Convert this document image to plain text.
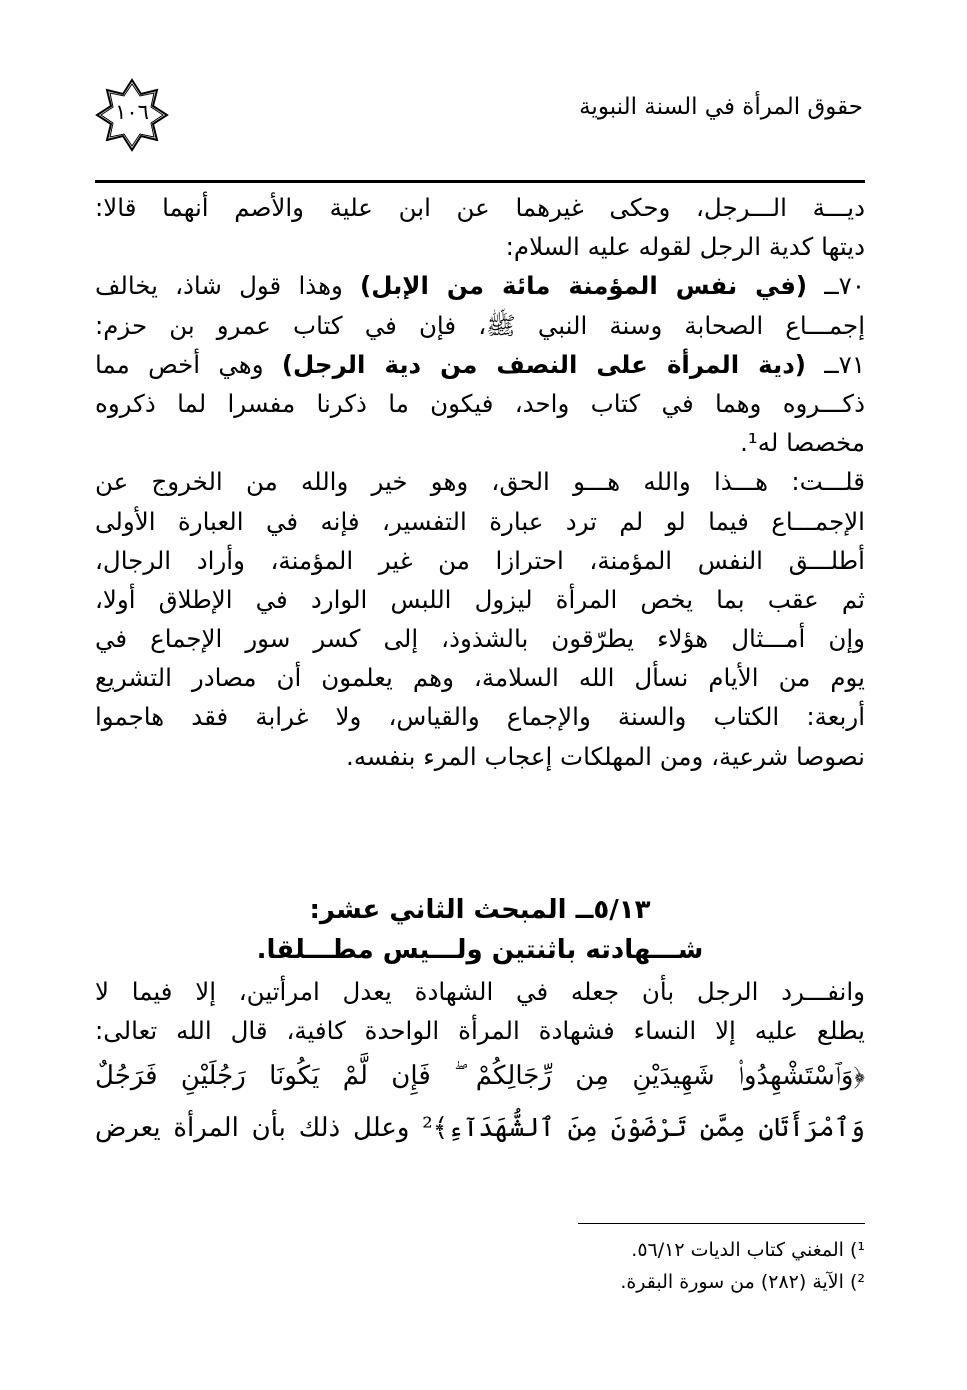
١٠٦	حقوق المرأة في السنة النبوية
ديـــة الـــرجل، وحكى غيرهما عن ابن علية والأصم أنهما قالا:
ديتها كدية الرجل لقوله عليه السلام:
٧٠ــ (في نفس المؤمنة مائة من الإبل) وهذا قول شاذ، يخالف
إجمـــاع الصحابة وسنة النبي ﷺ، فإن في كتاب عمرو بن حزم:
٧١ــ (دية المرأة على النصف من دية الرجل) وهي أخص مما
ذكـــروه وهما في كتاب واحد، فيكون ما ذكرنا مفسرا لما ذكروه
مخصصا له¹.
قلـــت: هـــذا والله هـــو الحق، وهو خير والله من الخروج عن
الإجمـــاع فيما لو لم ترد عبارة التفسير، فإنه في العبارة الأولى
أطلـــق النفس المؤمنة، احترازا من غير المؤمنة، وأراد الرجال،
ثم عقب بما يخص المرأة ليزول اللبس الوارد في الإطلاق أولا،
وإن أمـــثال هؤلاء يطرّقون بالشذوذ، إلى كسر سور الإجماع في
يوم من الأيام نسأل الله السلامة، وهم يعلمون أن مصادر التشريع
أربعة: الكتاب والسنة والإجماع والقياس، ولا غرابة فقد هاجموا
نصوصا شرعية، ومن المهلكات إعجاب المرء بنفسه.
٥/١٣ــ المبحث الثاني عشر:
شـــهادته باثنتين ولـــيس مطـــلقا.
وانفـــرد الرجل بأن جعله في الشهادة يعدل امرأتين، إلا فيما لا
يطلع عليه إلا النساء فشهادة المرأة الواحدة كافية، قال الله تعالى:
﴿وَٱسْتَشْهِدُوا۟ شَهِيدَيْنِ مِن رِّجَالِكُمْ ۖ فَإِن لَّمْ يَكُونَا رَجُلَيْنِ فَرَجُلٌ
وَٱمْرَأَتَانِ مِمَّن تَرْضَوْنَ مِنَ ٱلشُّهَدَآءِ﴾² وعلل ذلك بأن المرأة يعرض
¹) المغني كتاب الديات ٥٦/١٢.
²) الآية (٢٨٢) من سورة البقرة.
